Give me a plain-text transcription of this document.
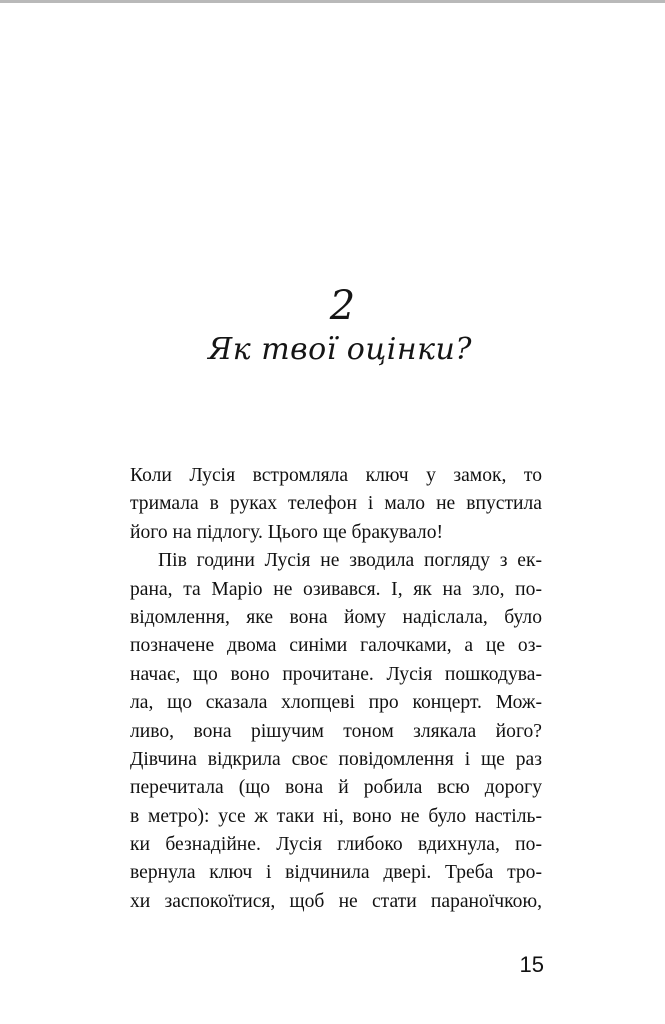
2
Як твої оцінки?
Коли Лусія встромляла ключ у замок, то
тримала в руках телефон і мало не впустила
його на підлогу. Цього ще бракувало!
Пів години Лусія не зводила погляду з ек-
рана, та Маріо не озивався. І, як на зло, по-
відомлення, яке вона йому надіслала, було
позначене двома синіми галочками, а це оз-
начає, що воно прочитане. Лусія пошкодува-
ла, що сказала хлопцеві про концерт. Мож-
ливо, вона рішучим тоном злякала його?
Дівчина відкрила своє повідомлення і ще раз
перечитала (що вона й робила всю дорогу
в метро): усе ж таки ні, воно не було настіль-
ки безнадійне. Лусія глибоко вдихнула, по-
вернула ключ і відчинила двері. Треба тро-
хи заспокоїтися, щоб не стати параноїчкою,
15
